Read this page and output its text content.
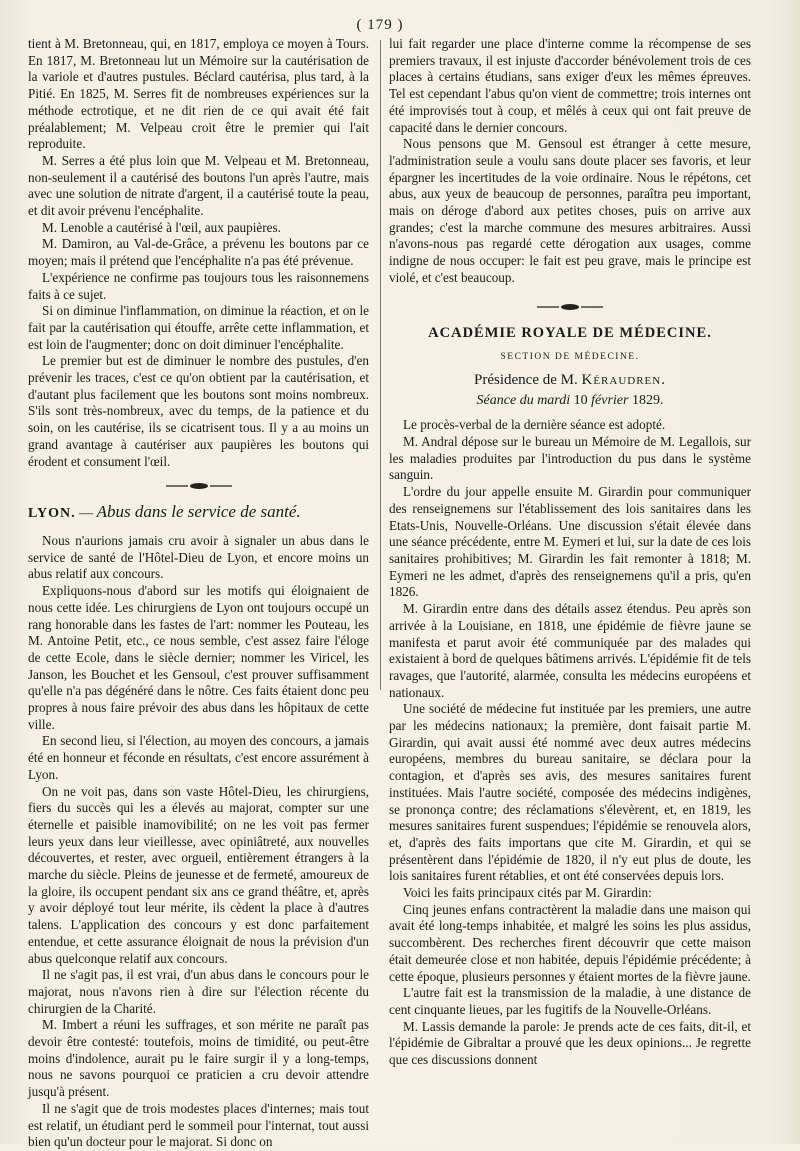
( 179 )

tient à M. Bretonneau, qui, en 1817, employa ce moyen à Tours. En 1817, M. Bretonneau lut un Mémoire sur la cautérisation de la variole et d'autres pustules. Béclard cautérisa, plus tard, à la Pitié. En 1825, M. Serres fit de nombreuses expériences sur la méthode ectrotique, et ne dit rien de ce qui avait été fait préalablement; M. Velpeau croit être le premier qui l'ait reproduite.

M. Serres a été plus loin que M. Velpeau et M. Bretonneau, non-seulement il a cautérisé des boutons l'un après l'autre, mais avec une solution de nitrate d'argent, il a cautérisé toute la peau, et dit avoir prévenu l'encéphalite.

M. Lenoble a cautérisé à l'œil, aux paupières.

M. Damiron, au Val-de-Grâce, a prévenu les boutons par ce moyen; mais il prétend que l'encéphalite n'a pas été prévenue.

L'expérience ne confirme pas toujours tous les raisonnemens faits à ce sujet.

Si on diminue l'inflammation, on diminue la réaction, et on le fait par la cautérisation qui étouffe, arrête cette inflammation, et est loin de l'augmenter; donc on doit diminuer l'encéphalite.

Le premier but est de diminuer le nombre des pustules, d'en prévenir les traces, c'est ce qu'on obtient par la cautérisation, et d'autant plus facilement que les boutons sont moins nombreux. S'ils sont très-nombreux, avec du temps, de la patience et du soin, on les cautérise, ils se cicatrisent tous. Il y a au moins un grand avantage à cautériser aux paupières les boutons qui érodent et consument l'œil.

LYON. — Abus dans le service de santé.

Nous n'aurions jamais cru avoir à signaler un abus dans le service de santé de l'Hôtel-Dieu de Lyon, et encore moins un abus relatif aux concours.

Expliquons-nous d'abord sur les motifs qui éloignaient de nous cette idée. Les chirurgiens de Lyon ont toujours occupé un rang honorable dans les fastes de l'art: nommer les Pouteau, les M. Antoine Petit, etc., ce nous semble, c'est assez faire l'éloge de cette Ecole, dans le siècle dernier; nommer les Viricel, les Janson, les Bouchet et les Gensoul, c'est prouver suffisamment qu'elle n'a pas dégénéré dans le nôtre. Ces faits étaient donc peu propres à nous faire prévoir des abus dans les hôpitaux de cette ville.

En second lieu, si l'élection, au moyen des concours, a jamais été en honneur et féconde en résultats, c'est encore assurément à Lyon.

On ne voit pas, dans son vaste Hôtel-Dieu, les chirurgiens, fiers du succès qui les a élevés au majorat, compter sur une éternelle et paisible inamovibilité; on ne les voit pas fermer leurs yeux dans leur vieillesse, avec opiniâtreté, aux nouvelles découvertes, et rester, avec orgueil, entièrement étrangers à la marche du siècle. Pleins de jeunesse et de fermeté, amoureux de la gloire, ils occupent pendant six ans ce grand théâtre, et, après y avoir déployé tout leur mérite, ils cèdent la place à d'autres talens. L'application des concours y est donc parfaitement entendue, et cette assurance éloignait de nous la prévision d'un abus quelconque relatif aux concours.

Il ne s'agit pas, il est vrai, d'un abus dans le concours pour le majorat, nous n'avons rien à dire sur l'élection récente du chirurgien de la Charité.

M. Imbert a réuni les suffrages, et son mérite ne paraît pas devoir être contesté: toutefois, moins de timidité, ou peut-être moins d'indolence, aurait pu le faire surgir il y a long-temps, nous ne savons pourquoi ce praticien a cru devoir attendre jusqu'à présent.

Il ne s'agit que de trois modestes places d'internes; mais tout est relatif, un étudiant perd le sommeil pour l'internat, tout aussi bien qu'un docteur pour le majorat. Si donc on

lui fait regarder une place d'interne comme la récompense de ses premiers travaux, il est injuste d'accorder bénévolement trois de ces places à certains étudians, sans exiger d'eux les mêmes épreuves. Tel est cependant l'abus qu'on vient de commettre; trois internes ont été improvisés tout à coup, et mêlés à ceux qui ont fait preuve de capacité dans le dernier concours.

Nous pensons que M. Gensoul est étranger à cette mesure, l'administration seule a voulu sans doute placer ses favoris, et leur épargner les incertitudes de la voie ordinaire. Nous le répétons, cet abus, aux yeux de beaucoup de personnes, paraîtra peu important, mais on déroge d'abord aux petites choses, puis on arrive aux grandes; c'est la marche commune des mesures arbitraires. Aussi n'avons-nous pas regardé cette dérogation aux usages, comme indigne de nous occuper: le fait est peu grave, mais le principe est violé, et c'est beaucoup.

ACADÉMIE ROYALE DE MÉDECINE.
SECTION DE MÉDECINE.
Présidence de M. Kéraudren.
Séance du mardi 10 février 1829.

Le procès-verbal de la dernière séance est adopté.

M. Andral dépose sur le bureau un Mémoire de M. Legallois, sur les maladies produites par l'introduction du pus dans le système sanguin.

L'ordre du jour appelle ensuite M. Girardin pour communiquer des renseignemens sur l'établissement des lois sanitaires dans les Etats-Unis, Nouvelle-Orléans. Une discussion s'était élevée dans une séance précédente, entre M. Eymeri et lui, sur la date de ces lois sanitaires prohibitives; M. Girardin les fait remonter à 1818; M. Eymeri ne les admet, d'après des renseignemens qu'il a pris, qu'en 1826.

M. Girardin entre dans des détails assez étendus. Peu après son arrivée à la Louisiane, en 1818, une épidémie de fièvre jaune se manifesta et parut avoir été communiquée par des malades qui existaient à bord de quelques bâtimens arrivés. L'épidémie fit de tels ravages, que l'autorité, alarmée, consulta les médecins européens et nationaux.

Une société de médecine fut instituée par les premiers, une autre par les médecins nationaux; la première, dont faisait partie M. Girardin, qui avait aussi été nommé avec deux autres médecins européens, membres du bureau sanitaire, se déclara pour la contagion, et d'après ses avis, des mesures sanitaires furent instituées. Mais l'autre société, composée des médecins indigènes, se prononça contre; des réclamations s'élevèrent, et, en 1819, les mesures sanitaires furent suspendues; l'épidémie se renouvela alors, et, d'après des faits importans que cite M. Girardin, et qui se présentèrent dans l'épidémie de 1820, il n'y eut plus de doute, les lois sanitaires furent rétablies, et ont été conservées depuis lors.

Voici les faits principaux cités par M. Girardin:

Cinq jeunes enfans contractèrent la maladie dans une maison qui avait été long-temps inhabitée, et malgré les soins les plus assidus, succombèrent. Des recherches firent découvrir que cette maison était demeurée close et non habitée, depuis l'épidémie précédente; à cette époque, plusieurs personnes y étaient mortes de la fièvre jaune.

L'autre fait est la transmission de la maladie, à une distance de cent cinquante lieues, par les fugitifs de la Nouvelle-Orléans.

M. Lassis demande la parole: Je prends acte de ces faits, dit-il, et l'épidémie de Gibraltar a prouvé que les deux opinions... Je regrette que ces discussions donnent
